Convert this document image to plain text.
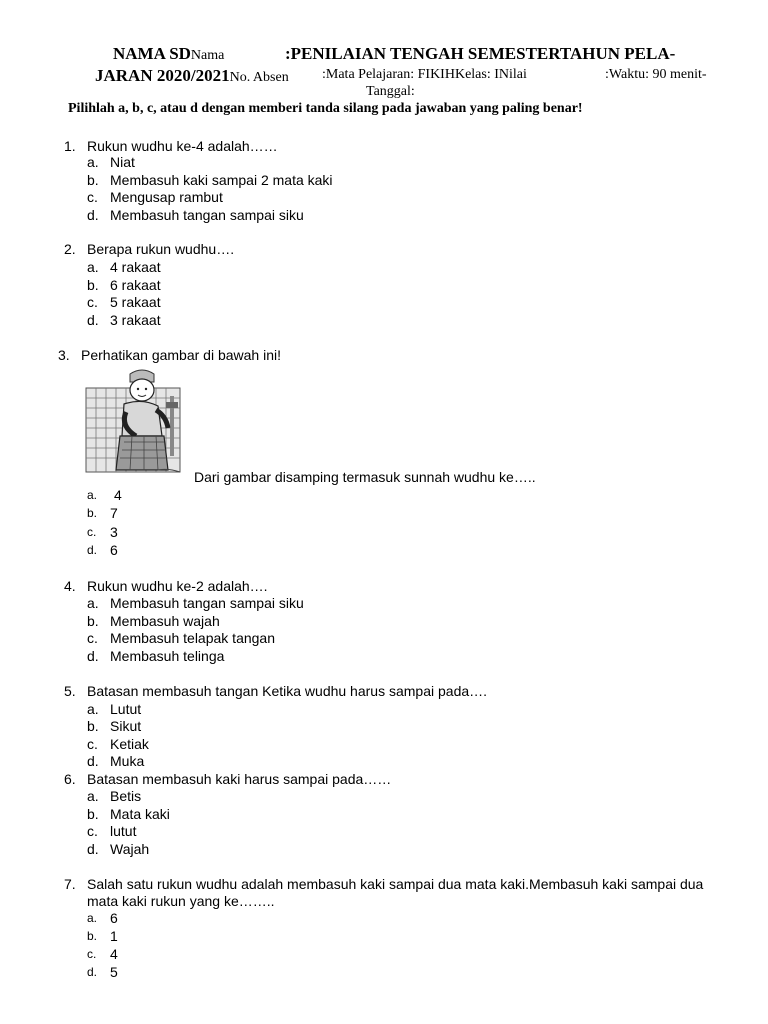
NAMA SDNama	:PENILAIAN TENGAH SEMESTERTAHUN PELA-
JARAN 2020/2021No. Absen :Mata Pelajaran: FIKIHKelas: INilai	:Waktu: 90 menit-
Tanggal:
Pilihlah a, b, c, atau d dengan memberi tanda silang pada jawaban yang paling benar!
1. Rukun wudhu ke-4 adalah……
a. Niat
b. Membasuh kaki sampai 2 mata kaki
c. Mengusap rambut
d. Membasuh tangan sampai siku
2. Berapa rukun wudhu….
a. 4 rakaat
b. 6 rakaat
c. 5 rakaat
d. 3 rakaat
3. Perhatikan gambar di bawah ini!
Dari gambar disamping termasuk sunnah wudhu ke…..
a. 4
b. 7
c. 3
d. 6
4. Rukun wudhu ke-2 adalah….
a. Membasuh tangan sampai siku
b. Membasuh wajah
c. Membasuh telapak tangan
d. Membasuh telinga
5. Batasan membasuh tangan Ketika wudhu harus sampai pada….
a. Lutut
b. Sikut
c. Ketiak
d. Muka
6. Batasan membasuh kaki harus sampai pada……
a. Betis
b. Mata kaki
c. lutut
d. Wajah
7. Salah satu rukun wudhu adalah membasuh kaki sampai dua mata kaki.Membasuh kaki sampai dua
mata kaki rukun yang ke……..
a. 6
b. 1
c. 4
d. 5
